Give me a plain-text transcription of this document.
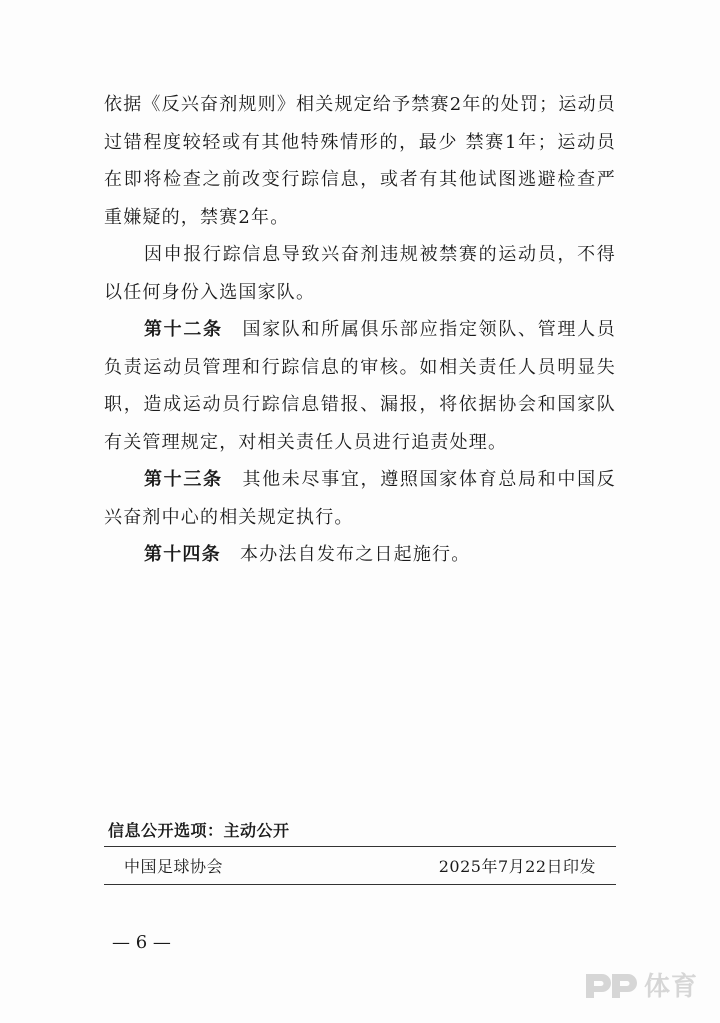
依据《反兴奋剂规则》相关规定给予禁赛2年的处罚；运动员过错程度较轻或有其他特殊情形的，最少 禁赛1年；运动员在即将检查之前改变行踪信息，或者有其他试图逃避检查严重嫌疑的，禁赛2年。

因申报行踪信息导致兴奋剂违规被禁赛的运动员，不得以任何身份入选国家队。

第十二条  国家队和所属俱乐部应指定领队、管理人员负责运动员管理和行踪信息的审核。如相关责任人员明显失职，造成运动员行踪信息错报、漏报，将依据协会和国家队有关管理规定，对相关责任人员进行追责处理。

第十三条  其他未尽事宜，遵照国家体育总局和中国反兴奋剂中心的相关规定执行。

第十四条  本办法自发布之日起施行。

信息公开选项：主动公开
中国足球协会	2025年7月22日印发
— 6 —
体育
